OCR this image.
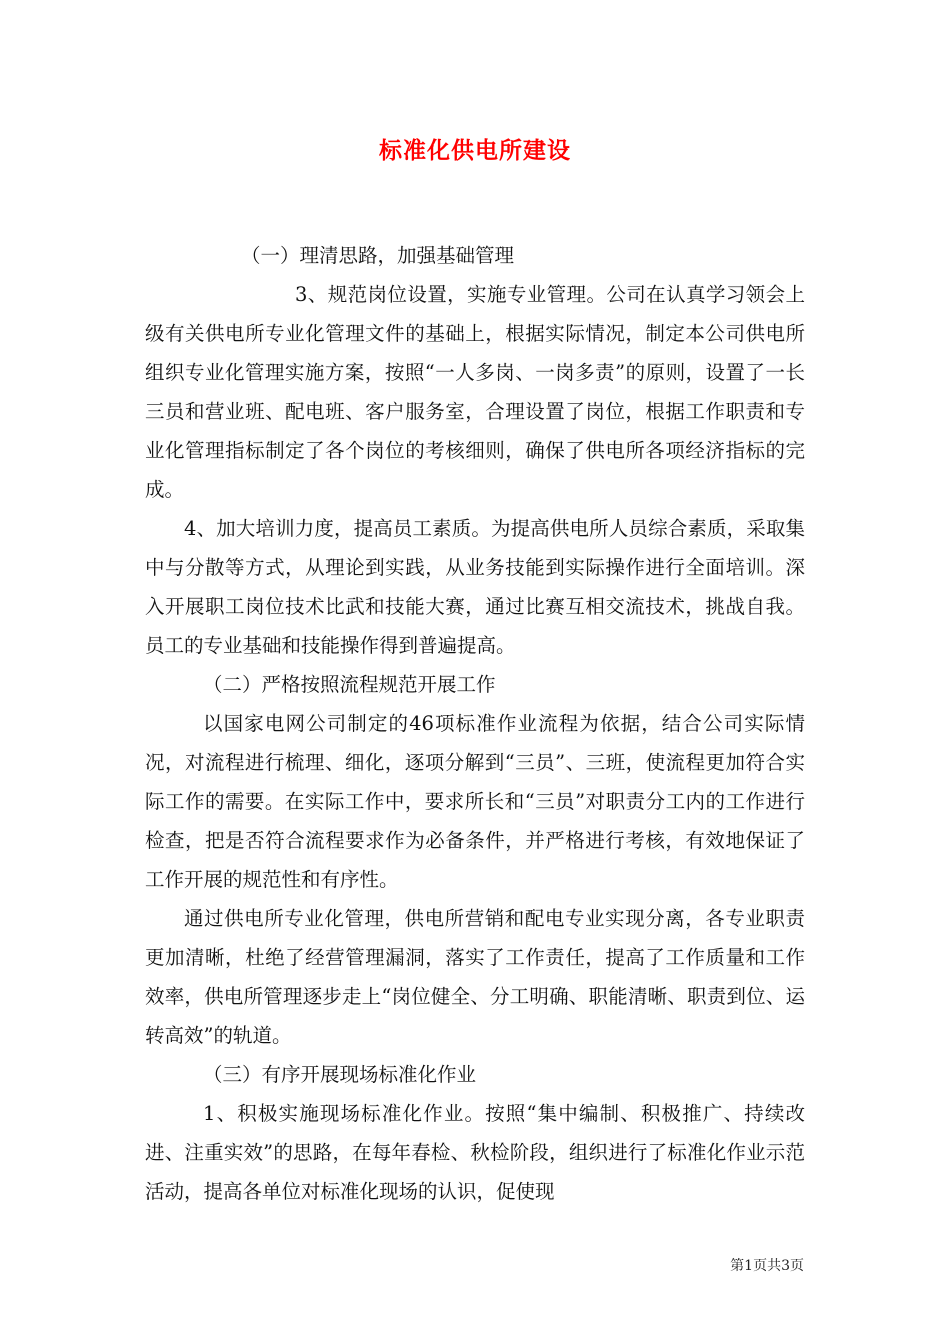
标准化供电所建设

（一）理清思路，加强基础管理

3、规范岗位设置，实施专业管理。公司在认真学习领会上级有关供电所专业化管理文件的基础上，根据实际情况，制定本公司供电所组织专业化管理实施方案，按照“一人多岗、一岗多责”的原则，设置了一长三员和营业班、配电班、客户服务室，合理设置了岗位，根据工作职责和专业化管理指标制定了各个岗位的考核细则，确保了供电所各项经济指标的完成。

4、加大培训力度，提高员工素质。为提高供电所人员综合素质，采取集中与分散等方式，从理论到实践，从业务技能到实际操作进行全面培训。深入开展职工岗位技术比武和技能大赛，通过比赛互相交流技术，挑战自我。员工的专业基础和技能操作得到普遍提高。

（二）严格按照流程规范开展工作

以国家电网公司制定的46项标准作业流程为依据，结合公司实际情况，对流程进行梳理、细化，逐项分解到“三员”、三班，使流程更加符合实际工作的需要。在实际工作中，要求所长和“三员”对职责分工内的工作进行检查，把是否符合流程要求作为必备条件，并严格进行考核，有效地保证了工作开展的规范性和有序性。

通过供电所专业化管理，供电所营销和配电专业实现分离，各专业职责更加清晰，杜绝了经营管理漏洞，落实了工作责任，提高了工作质量和工作效率，供电所管理逐步走上“岗位健全、分工明确、职能清晰、职责到位、运转高效”的轨道。

（三）有序开展现场标准化作业

1、积极实施现场标准化作业。按照“集中编制、积极推广、持续改进、注重实效”的思路，在每年春检、秋检阶段，组织进行了标准化作业示范活动，提高各单位对标准化现场的认识，促使现

第1页共3页
